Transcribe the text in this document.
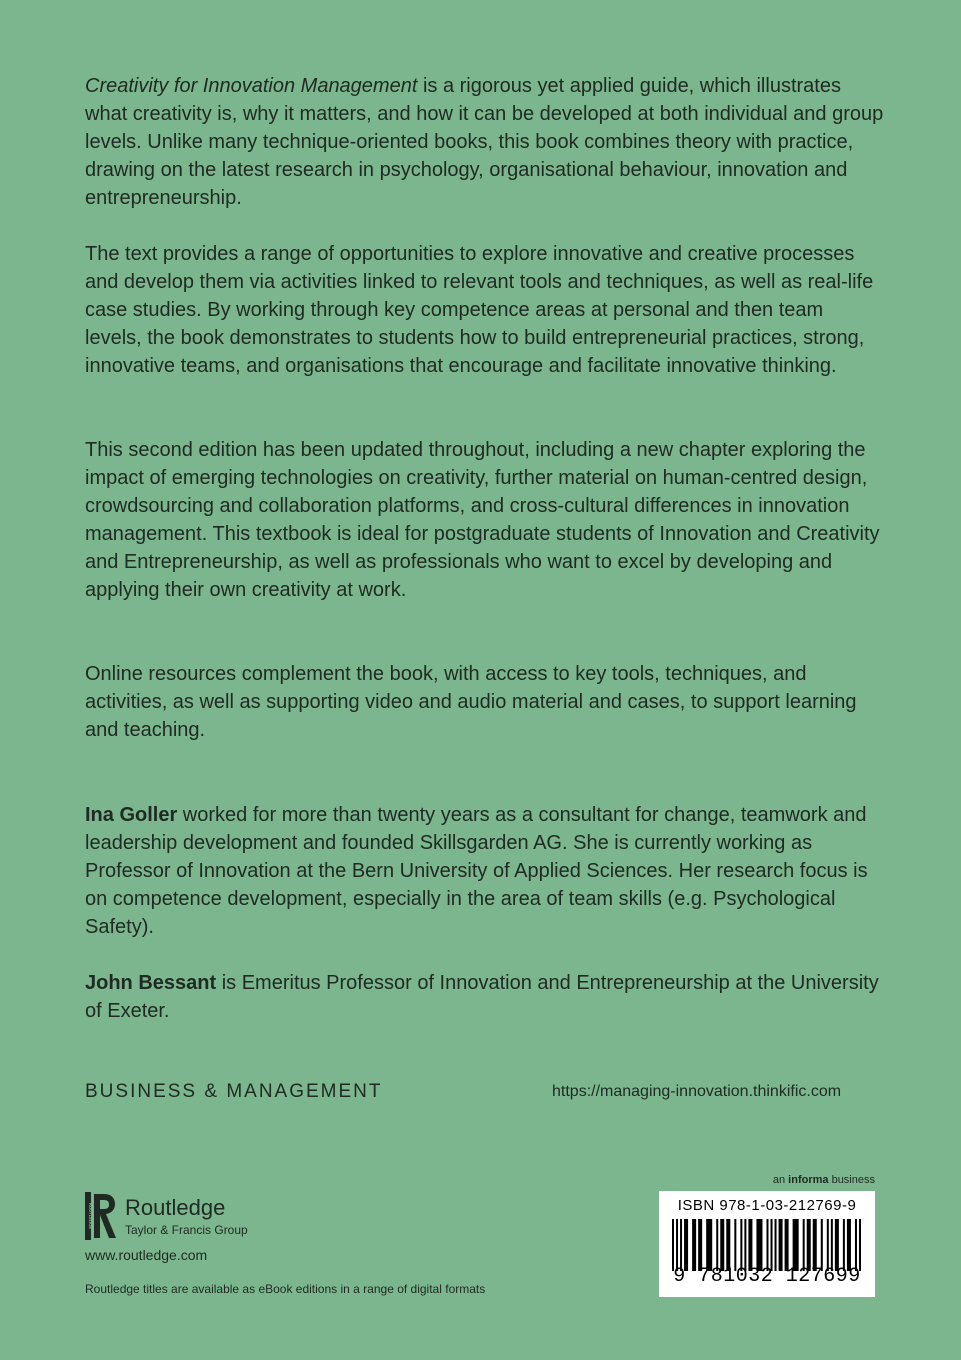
Creativity for Innovation Management is a rigorous yet applied guide, which illustrates what creativity is, why it matters, and how it can be developed at both individual and group levels. Unlike many technique-oriented books, this book combines theory with practice, drawing on the latest research in psychology, organisational behaviour, innovation and entrepreneurship.

The text provides a range of opportunities to explore innovative and creative processes and develop them via activities linked to relevant tools and techniques, as well as real-life case studies. By working through key competence areas at personal and then team levels, the book demonstrates to students how to build entrepreneurial practices, strong, innovative teams, and organisations that encourage and facilitate innovative thinking.

This second edition has been updated throughout, including a new chapter exploring the impact of emerging technologies on creativity, further material on human-centred design, crowdsourcing and collaboration platforms, and cross-cultural differences in innovation management. This textbook is ideal for postgraduate students of Innovation and Creativity and Entrepreneurship, as well as professionals who want to excel by developing and applying their own creativity at work.

Online resources complement the book, with access to key tools, techniques, and activities, as well as supporting video and audio material and cases, to support learning and teaching.

Ina Goller worked for more than twenty years as a consultant for change, teamwork and leadership development and founded Skillsgarden AG. She is currently working as Professor of Innovation at the Bern University of Applied Sciences. Her research focus is on competence development, especially in the area of team skills (e.g. Psychological Safety).

John Bessant is Emeritus Professor of Innovation and Entrepreneurship at the University of Exeter.

BUSINESS & MANAGEMENT	https://managing-innovation.thinkific.com

ROUTLEDGE Routledge
Taylor & Francis Group

www.routledge.com

Routledge titles are available as eBook editions in a range of digital formats

an informa business

ISBN 978-1-03-212769-9

9 781032 127699
